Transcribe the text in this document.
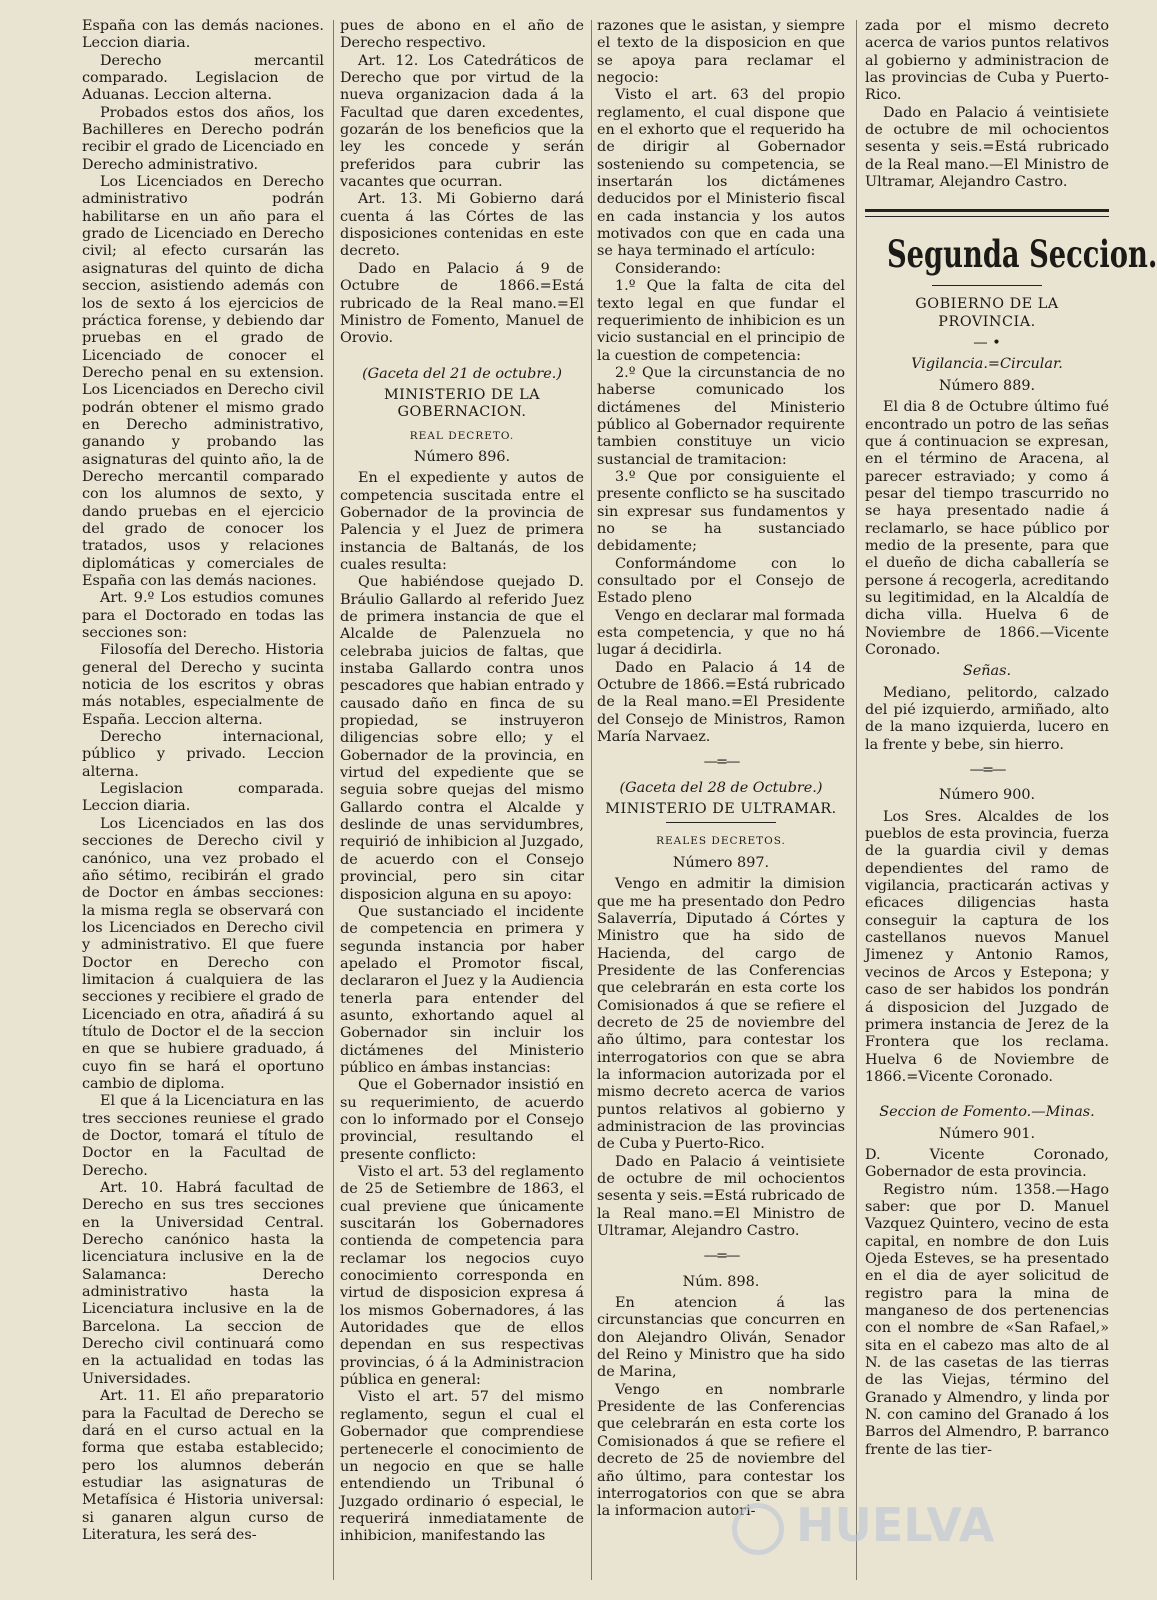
España con las demás naciones. Leccion diaria.

Derecho mercantil comparado. Legislacion de Aduanas. Leccion alterna.

Probados estos dos años, los Bachilleres en Derecho podrán recibir el grado de Licenciado en Derecho administrativo.

Los Licenciados en Derecho administrativo podrán habilitarse en un año para el grado de Licenciado en Derecho civil; al efecto cursarán las asignaturas del quinto de dicha seccion, asistiendo además con los de sexto á los ejercicios de práctica forense, y debiendo dar pruebas en el grado de Licenciado de conocer el Derecho penal en su extension. Los Licenciados en Derecho civil podrán obtener el mismo grado en Derecho administrativo, ganando y probando las asignaturas del quinto año, la de Derecho mercantil comparado con los alumnos de sexto, y dando pruebas en el ejercicio del grado de conocer los tratados, usos y relaciones diplomáticas y comerciales de España con las demás naciones.

Art. 9.º Los estudios comunes para el Doctorado en todas las secciones son:

Filosofía del Derecho. Historia general del Derecho y sucinta noticia de los escritos y obras más notables, especialmente de España. Leccion alterna.

Derecho internacional, público y privado. Leccion alterna.

Legislacion comparada. Leccion diaria.

Los Licenciados en las dos secciones de Derecho civil y canónico, una vez probado el año sétimo, recibirán el grado de Doctor en ámbas secciones: la misma regla se observará con los Licenciados en Derecho civil y administrativo. El que fuere Doctor en Derecho con limitacion á cualquiera de las secciones y recibiere el grado de Licenciado en otra, añadirá á su título de Doctor el de la seccion en que se hubiere graduado, á cuyo fin se hará el oportuno cambio de diploma.

El que á la Licenciatura en las tres secciones reuniese el grado de Doctor, tomará el título de Doctor en la Facultad de Derecho.

Art. 10. Habrá facultad de Derecho en sus tres secciones en la Universidad Central. Derecho canónico hasta la licenciatura inclusive en la de Salamanca: Derecho administrativo hasta la Licenciatura inclusive en la de Barcelona. La seccion de Derecho civil continuará como en la actualidad en todas las Universidades.

Art. 11. El año preparatorio para la Facultad de Derecho se dará en el curso actual en la forma que estaba establecido; pero los alumnos deberán estudiar las asignaturas de Metafísica é Historia universal: si ganaren algun curso de Literatura, les será des-

pues de abono en el año de Derecho respectivo.

Art. 12. Los Catedráticos de Derecho que por virtud de la nueva organizacion dada á la Facultad que daren excedentes, gozarán de los beneficios que la ley les concede y serán preferidos para cubrir las vacantes que ocurran.

Art. 13. Mi Gobierno dará cuenta á las Córtes de las disposiciones contenidas en este decreto.

Dado en Palacio á 9 de Octubre de 1866.=Está rubricado de la Real mano.=El Ministro de Fomento, Manuel de Orovio.

(Gaceta del 21 de octubre.)

MINISTERIO DE LA GOBERNACION.

REAL DECRETO.

Número 896.

En el expediente y autos de competencia suscitada entre el Gobernador de la provincia de Palencia y el Juez de primera instancia de Baltanás, de los cuales resulta:

Que habiéndose quejado D. Bráulio Gallardo al referido Juez de primera instancia de que el Alcalde de Palenzuela no celebraba juicios de faltas, que instaba Gallardo contra unos pescadores que habian entrado y causado daño en finca de su propiedad, se instruyeron diligencias sobre ello; y el Gobernador de la provincia, en virtud del expediente que se seguia sobre quejas del mismo Gallardo contra el Alcalde y deslinde de unas servidumbres, requirió de inhibicion al Juzgado, de acuerdo con el Consejo provincial, pero sin citar disposicion alguna en su apoyo:

Que sustanciado el incidente de competencia en primera y segunda instancia por haber apelado el Promotor fiscal, declararon el Juez y la Audiencia tenerla para entender del asunto, exhortando aquel al Gobernador sin incluir los dictámenes del Ministerio público en ámbas instancias:

Que el Gobernador insistió en su requerimiento, de acuerdo con lo informado por el Consejo provincial, resultando el presente conflicto:

Visto el art. 53 del reglamento de 25 de Setiembre de 1863, el cual previene que únicamente suscitarán los Gobernadores contienda de competencia para reclamar los negocios cuyo conocimiento corresponda en virtud de disposicion expresa á los mismos Gobernadores, á las Autoridades que de ellos dependan en sus respectivas provincias, ó á la Administracion pública en general:

Visto el art. 57 del mismo reglamento, segun el cual el Gobernador que comprendiese pertenecerle el conocimiento de un negocio en que se halle entendiendo un Tribunal ó Juzgado ordinario ó especial, le requerirá inmediatamente de inhibicion, manifestando las

razones que le asistan, y siempre el texto de la disposicion en que se apoya para reclamar el negocio:

Visto el art. 63 del propio reglamento, el cual dispone que en el exhorto que el requerido ha de dirigir al Gobernador sosteniendo su competencia, se insertarán los dictámenes deducidos por el Ministerio fiscal en cada instancia y los autos motivados con que en cada una se haya terminado el artículo:

Considerando:

1.º Que la falta de cita del texto legal en que fundar el requerimiento de inhibicion es un vicio sustancial en el principio de la cuestion de competencia:

2.º Que la circunstancia de no haberse comunicado los dictámenes del Ministerio público al Gobernador requirente tambien constituye un vicio sustancial de tramitacion:

3.º Que por consiguiente el presente conflicto se ha suscitado sin expresar sus fundamentos y no se ha sustanciado debidamente;

Conformándome con lo consultado por el Consejo de Estado pleno

Vengo en declarar mal formada esta competencia, y que no há lugar á decidirla.

Dado en Palacio á 14 de Octubre de 1866.=Está rubricado de la Real mano.=El Presidente del Consejo de Ministros, Ramon María Narvaez.

—=—

(Gaceta del 28 de Octubre.)

MINISTERIO DE ULTRAMAR.

REALES DECRETOS.

Número 897.

Vengo en admitir la dimision que me ha presentado don Pedro Salaverría, Diputado á Córtes y Ministro que ha sido de Hacienda, del cargo de Presidente de las Conferencias que celebrarán en esta corte los Comisionados á que se refiere el decreto de 25 de noviembre del año último, para contestar los interrogatorios con que se abra la informacion autorizada por el mismo decreto acerca de varios puntos relativos al gobierno y administracion de las provincias de Cuba y Puerto-Rico.

Dado en Palacio á veintisiete de octubre de mil ochocientos sesenta y seis.=Está rubricado de la Real mano.=El Ministro de Ultramar, Alejandro Castro.

—=—

Núm. 898.

En atencion á las circunstancias que concurren en don Alejandro Oliván, Senador del Reino y Ministro que ha sido de Marina,

Vengo en nombrarle Presidente de las Conferencias que celebrarán en esta corte los Comisionados á que se refiere el decreto de 25 de noviembre del año último, para contestar los interrogatorios con que se abra la informacion autori-

zada por el mismo decreto acerca de varios puntos relativos al gobierno y administracion de las provincias de Cuba y Puerto-Rico.

Dado en Palacio á veintisiete de octubre de mil ochocientos sesenta y seis.=Está rubricado de la Real mano.—El Ministro de Ultramar, Alejandro Castro.

Segunda Seccion.

GOBIERNO DE LA PROVINCIA.

— •

Vigilancia.=Circular.

Número 889.

El dia 8 de Octubre último fué encontrado un potro de las señas que á continuacion se expresan, en el término de Aracena, al parecer estraviado; y como á pesar del tiempo trascurrido no se haya presentado nadie á reclamarlo, se hace público por medio de la presente, para que el dueño de dicha caballería se persone á recogerla, acreditando su legitimidad, en la Alcaldía de dicha villa. Huelva 6 de Noviembre de 1866.—Vicente Coronado.

Señas.

Mediano, pelitordo, calzado del pié izquierdo, armiñado, alto de la mano izquierda, lucero en la frente y bebe, sin hierro.

—=—

Número 900.

Los Sres. Alcaldes de los pueblos de esta provincia, fuerza de la guardia civil y demas dependientes del ramo de vigilancia, practicarán activas y eficaces diligencias hasta conseguir la captura de los castellanos nuevos Manuel Jimenez y Antonio Ramos, vecinos de Arcos y Estepona; y caso de ser habidos los pondrán á disposicion del Juzgado de primera instancia de Jerez de la Frontera que los reclama. Huelva 6 de Noviembre de 1866.=Vicente Coronado.

Seccion de Fomento.—Minas.

Número 901.

D. Vicente Coronado, Gobernador de esta provincia.

Registro núm. 1358.—Hago saber: que por D. Manuel Vazquez Quintero, vecino de esta capital, en nombre de don Luis Ojeda Esteves, se ha presentado en el dia de ayer solicitud de registro para la mina de manganeso de dos pertenencias con el nombre de «San Rafael,» sita en el cabezo mas alto de al N. de las casetas de las tierras de las Viejas, término del Granado y Almendro, y linda por N. con camino del Granado á los Barros del Almendro, P. barranco frente de las tier-

HUELVA
